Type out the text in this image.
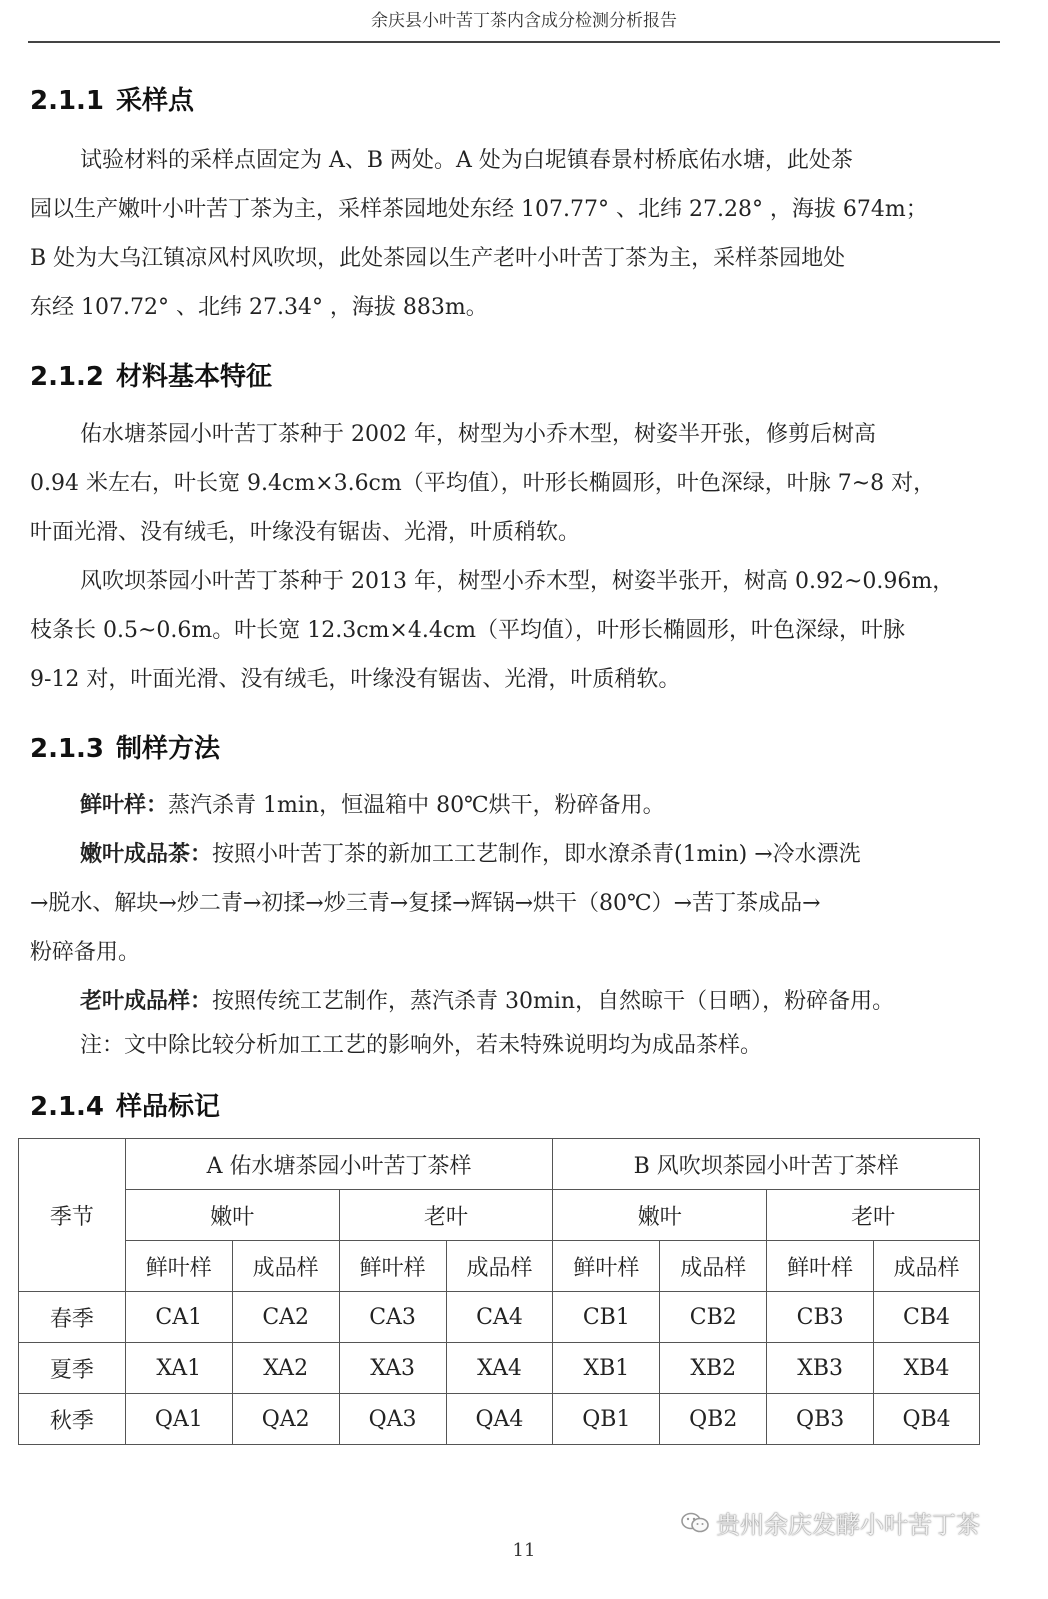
余庆县小叶苦丁茶内含成分检测分析报告
2.1.1 采样点
试验材料的采样点固定为 A、B 两处。A 处为白坭镇春景村桥底佑水塘，此处茶
园以生产嫩叶小叶苦丁茶为主，采样茶园地处东经 107.77° 、北纬 27.28° ，海拔 674m；
B 处为大乌江镇凉风村风吹坝，此处茶园以生产老叶小叶苦丁茶为主，采样茶园地处
东经 107.72° 、北纬 27.34° ，海拔 883m。
2.1.2 材料基本特征
佑水塘茶园小叶苦丁茶种于 2002 年，树型为小乔木型，树姿半开张，修剪后树高
0.94 米左右，叶长宽 9.4cm×3.6cm（平均值），叶形长椭圆形，叶色深绿，叶脉 7~8 对，
叶面光滑、没有绒毛，叶缘没有锯齿、光滑，叶质稍软。
风吹坝茶园小叶苦丁茶种于 2013 年，树型小乔木型，树姿半张开，树高 0.92~0.96m，
枝条长 0.5~0.6m。叶长宽 12.3cm×4.4cm（平均值），叶形长椭圆形，叶色深绿，叶脉
9-12 对，叶面光滑、没有绒毛，叶缘没有锯齿、光滑，叶质稍软。
2.1.3 制样方法
鲜叶样：蒸汽杀青 1min，恒温箱中 80℃烘干，粉碎备用。
嫩叶成品茶：按照小叶苦丁茶的新加工工艺制作，即水潦杀青(1min) →冷水漂洗
→脱水、解块→炒二青→初揉→炒三青→复揉→辉锅→烘干（80℃）→苦丁茶成品→
粉碎备用。
老叶成品样：按照传统工艺制作，蒸汽杀青 30min，自然晾干（日晒），粉碎备用。
注：文中除比较分析加工工艺的影响外，若未特殊说明均为成品茶样。
2.1.4 样品标记
季节	A 佑水塘茶园小叶苦丁茶样				B 风吹坝茶园小叶苦丁茶样			
	嫩叶		老叶		嫩叶		老叶	
	鲜叶样	成品样	鲜叶样	成品样	鲜叶样	成品样	鲜叶样	成品样
春季	CA1	CA2	CA3	CA4	CB1	CB2	CB3	CB4
夏季	XA1	XA2	XA3	XA4	XB1	XB2	XB3	XB4
秋季	QA1	QA2	QA3	QA4	QB1	QB2	QB3	QB4
贵州余庆发酵小叶苦丁茶
11
